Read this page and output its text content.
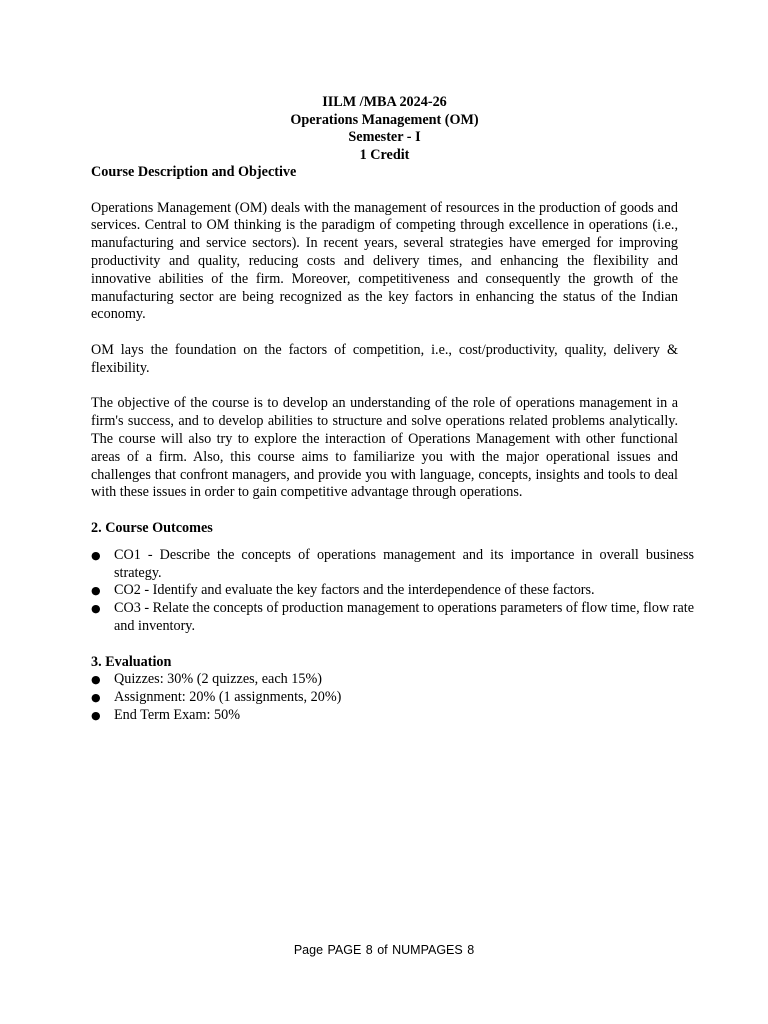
IILM /MBA 2024-26
Operations Management (OM)
Semester - I
1 Credit
Course Description and Objective

Operations Management (OM) deals with the management of resources in the production of goods and services. Central to OM thinking is the paradigm of competing through excellence in operations (i.e., manufacturing and service sectors). In recent years, several strategies have emerged for improving productivity and quality, reducing costs and delivery times, and enhancing the flexibility and innovative abilities of the firm. Moreover, competitiveness and consequently the growth of the manufacturing sector are being recognized as the key factors in enhancing the status of the Indian economy.

OM lays the foundation on the factors of competition, i.e., cost/productivity, quality, delivery & flexibility.

The objective of the course is to develop an understanding of the role of operations management in a firm's success, and to develop abilities to structure and solve operations related problems analytically. The course will also try to explore the interaction of Operations Management with other functional areas of a firm. Also, this course aims to familiarize you with the major operational issues and challenges that confront managers, and provide you with language, concepts, insights and tools to deal with these issues in order to gain competitive advantage through operations.

2. Course Outcomes
● CO1 - Describe the concepts of operations management and its importance in overall business strategy.
● CO2 - Identify and evaluate the key factors and the interdependence of these factors.
● CO3 - Relate the concepts of production management to operations parameters of flow time, flow rate and inventory.
3. Evaluation
● Quizzes: 30% (2 quizzes, each 15%)
● Assignment: 20% (1 assignments, 20%)
● End Term Exam: 50%
Page PAGE 8 of NUMPAGES 8
